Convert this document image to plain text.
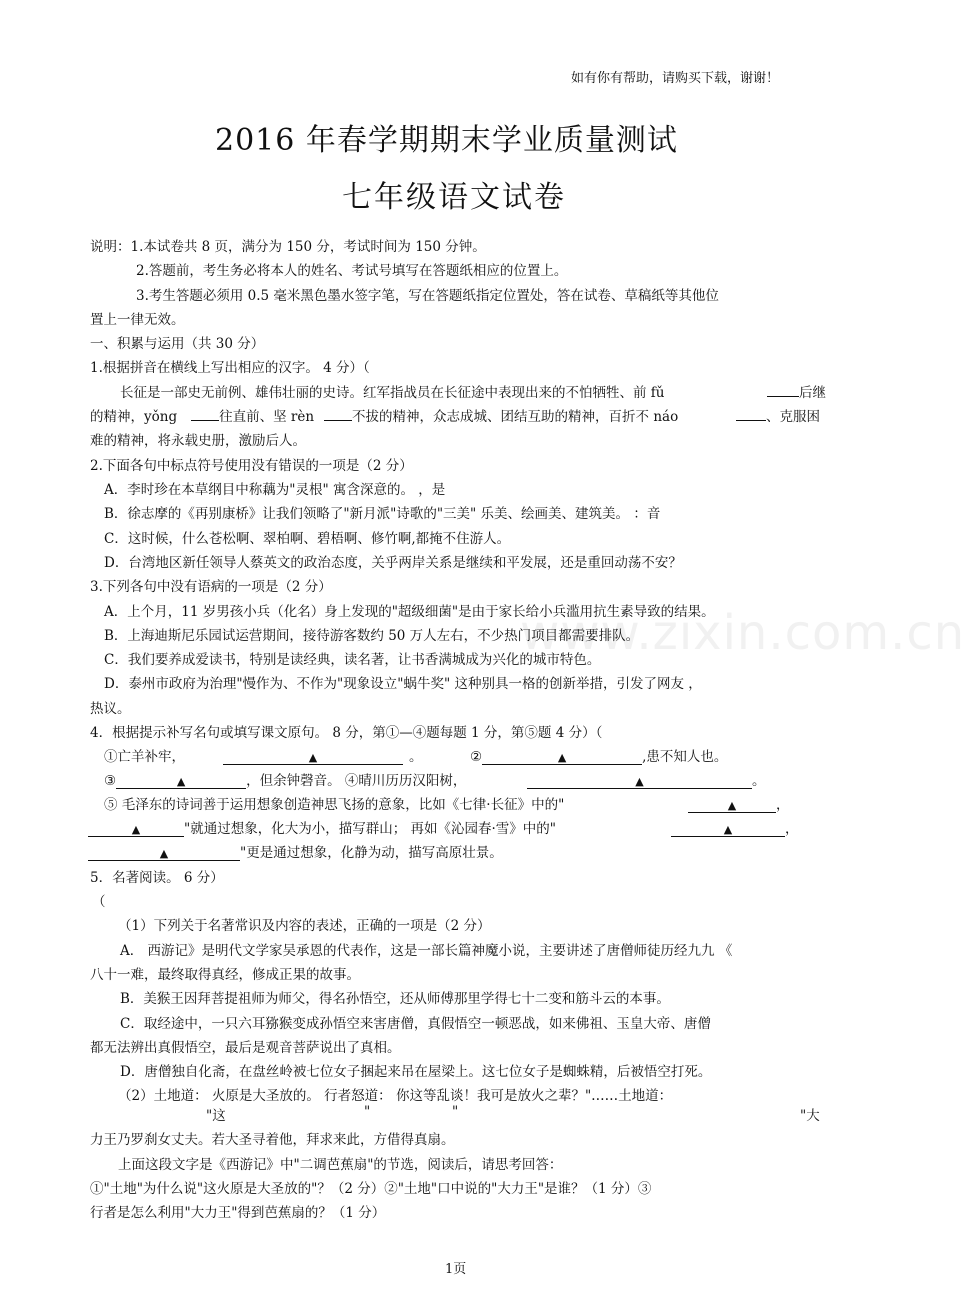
www.zixin.com.cn
如有你有帮助，请购买下载，谢谢！
2016 年春学期期末学业质量测试
七年级语文试卷
说明：1.本试卷共 8 页，满分为 150 分，考试时间为 150 分钟。
2.答题前，考生务必将本人的姓名、考试号填写在答题纸相应的位置上。
3.考生答题必须用 0.5 毫米黑色墨水签字笔，写在答题纸指定位置处，答在试卷、草稿纸等其他位
置上一律无效。
一、积累与运用（共 30 分）
1.根据拼音在横线上写出相应的汉字。 4 分）（
长征是一部史无前例、雄伟壮丽的史诗。红军指战员在长征途中表现出来的不怕牺牲、前 fǔ	后继
的精神，yǒng	往直前、坚 rèn	不拔的精神，众志成城、团结互助的精神，百折不 náo	、克服困
难的精神，将永载史册，激励后人。
2.下面各句中标点符号使用没有错误的一项是（2 分）
A．李时珍在本草纲目中称藕为"灵根" 寓含深意的。 ，是
B．徐志摩的《再别康桥》让我们领略了"新月派"诗歌的"三美" 乐美、绘画美、建筑美。 ：音
C．这时候，什么苍松啊、翠柏啊、碧梧啊、修竹啊,都掩不住游人。
D．台湾地区新任领导人蔡英文的政治态度，关乎两岸关系是继续和平发展，还是重回动荡不安？
3.下列各句中没有语病的一项是（2 分）
A．上个月，11 岁男孩小兵（化名）身上发现的"超级细菌"是由于家长给小兵滥用抗生素导致的结果。
B．上海迪斯尼乐园试运营期间，接待游客数约 50 万人左右，不少热门项目都需要排队。
C．我们要养成爱读书，特别是读经典，读名著，让书香满城成为兴化的城市特色。
D．泰州市政府为治理"慢作为、不作为"现象设立"蜗牛奖" 这种别具一格的创新举措，引发了网友 ，
热议。
4．根据提示补写名句或填写课文原句。 8 分，第①—④题每题 1 分，第⑤题 4 分）（
①亡羊补牢，	▲	。	②	▲	,患不知人也。
③	▲	，但余钟磬音。 ④晴川历历汉阳树，	▲	。
⑤ 毛泽东的诗词善于运用想象创造神思飞扬的意象，比如《七律·长征》中的"	▲	，
▲	"就通过想象，化大为小，描写群山； 再如《沁园春·雪》中的"	▲	，
▲	"更是通过想象，化静为动，描写高原壮景。
5．名著阅读。 6 分）
（
（1）下列关于名著常识及内容的表述，正确的一项是（2 分）
A． 西游记》是明代文学家吴承恩的代表作，这是一部长篇神魔小说，主要讲述了唐僧师徒历经九九 《
八十一难，最终取得真经，修成正果的故事。
B．美猴王因拜菩提祖师为师父，得名孙悟空，还从师傅那里学得七十二变和筋斗云的本事。
C．取经途中，一只六耳猕猴变成孙悟空来害唐僧，真假悟空一顿恶战，如来佛祖、玉皇大帝、唐僧
都无法辨出真假悟空，最后是观音菩萨说出了真相。
D．唐僧独自化斋，在盘丝岭被七位女子捆起来吊在屋梁上。这七位女子是蜘蛛精，后被悟空打死。
（2）土地道： 火原是大圣放的。 行者怒道： 你这等乱谈！我可是放火之辈？"……土地道：
"这	"	"	"大
力王乃罗刹女丈夫。若大圣寻着他，拜求来此，方借得真扇。
上面这段文字是《西游记》中"二调芭蕉扇"的节选，阅读后，请思考回答：
①"土地"为什么说"这火原是大圣放的"？（2 分）②"土地"口中说的"大力王"是谁？（1 分）③
行者是怎么利用"大力王"得到芭蕉扇的？（1 分）
1页
